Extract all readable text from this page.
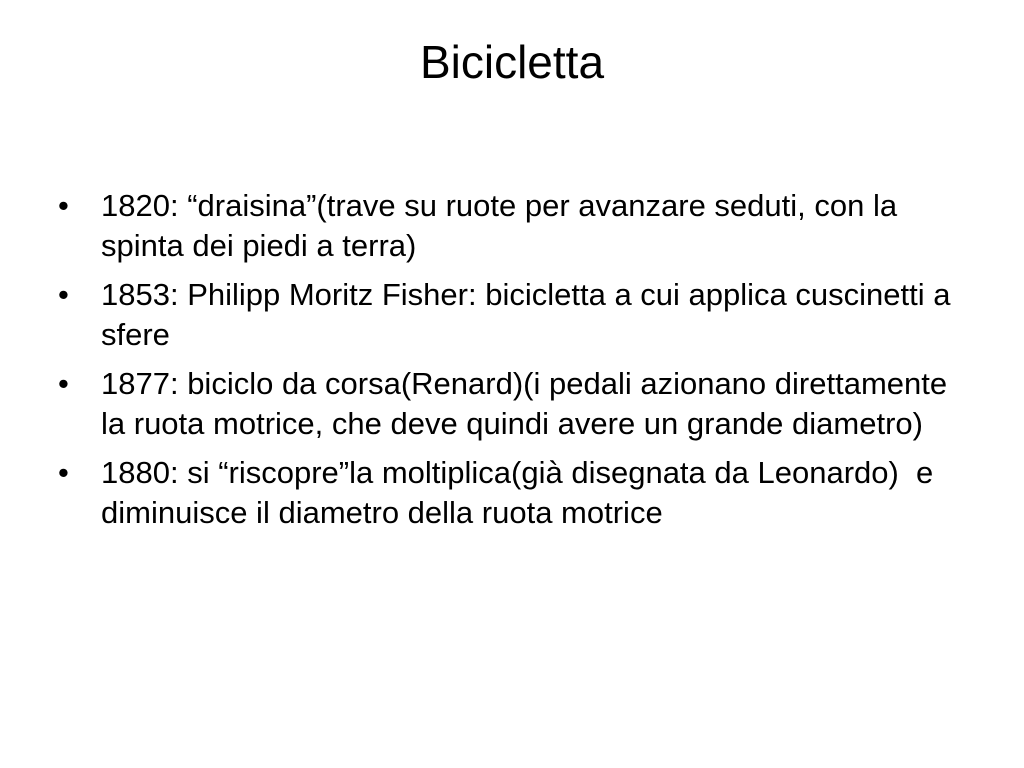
Bicicletta
•	1820: “draisina”(trave su ruote per avanzare seduti, con la spinta dei piedi a terra)
•	1853: Philipp Moritz Fisher: bicicletta a cui applica cuscinetti a sfere
•	1877: biciclo da corsa(Renard)(i pedali azionano direttamente la ruota motrice, che deve quindi avere un grande diametro)
•	1880: si “riscopre”la moltiplica(già disegnata da Leonardo)  e diminuisce il diametro della ruota motrice
